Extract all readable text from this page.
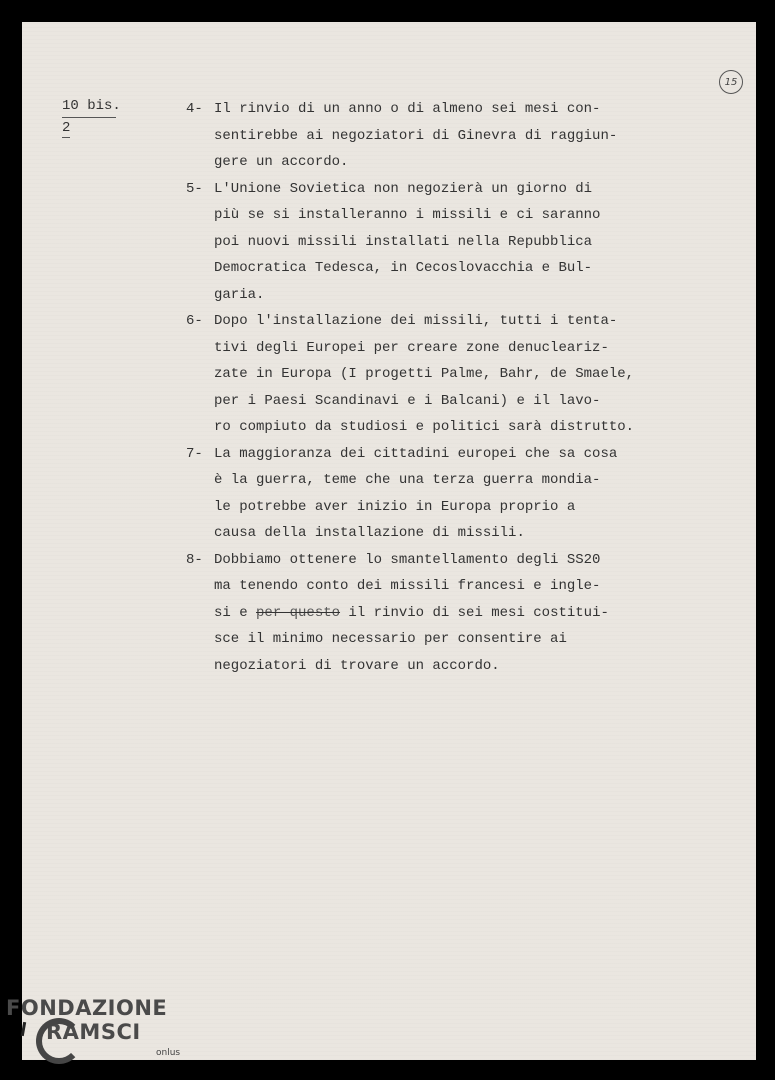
15
10 bis.
2
4- Il rinvio di un anno o di almeno sei mesi con-
sentirebbe ai negoziatori di Ginevra di raggiun-
gere un accordo.
5- L'Unione Sovietica non negozierà un giorno di
più se si installeranno i missili e ci saranno
poi nuovi missili installati nella Repubblica
Democratica Tedesca, in Cecoslovacchia e Bul-
garia.
6- Dopo l'installazione dei missili, tutti i tenta-
tivi degli Europei per creare zone denucleariz-
zate in Europa (I progetti Palme, Bahr, de Smaele,
per i Paesi Scandinavi e i Balcani) e il lavo-
ro compiuto da studiosi e politici sarà distrutto.
7- La maggioranza dei cittadini europei che sa cosa
è la guerra, teme che una terza guerra mondia-
le potrebbe aver inizio in Europa proprio a
causa della installazione di missili.
8- Dobbiamo ottenere lo smantellamento degli SS20
ma tenendo conto dei missili francesi e ingle-
si e per questo il rinvio di sei mesi costitui-
sce il minimo necessario per consentire ai
negoziatori di trovare un accordo.
FONDAZIONE
RAMSCI
onlus
